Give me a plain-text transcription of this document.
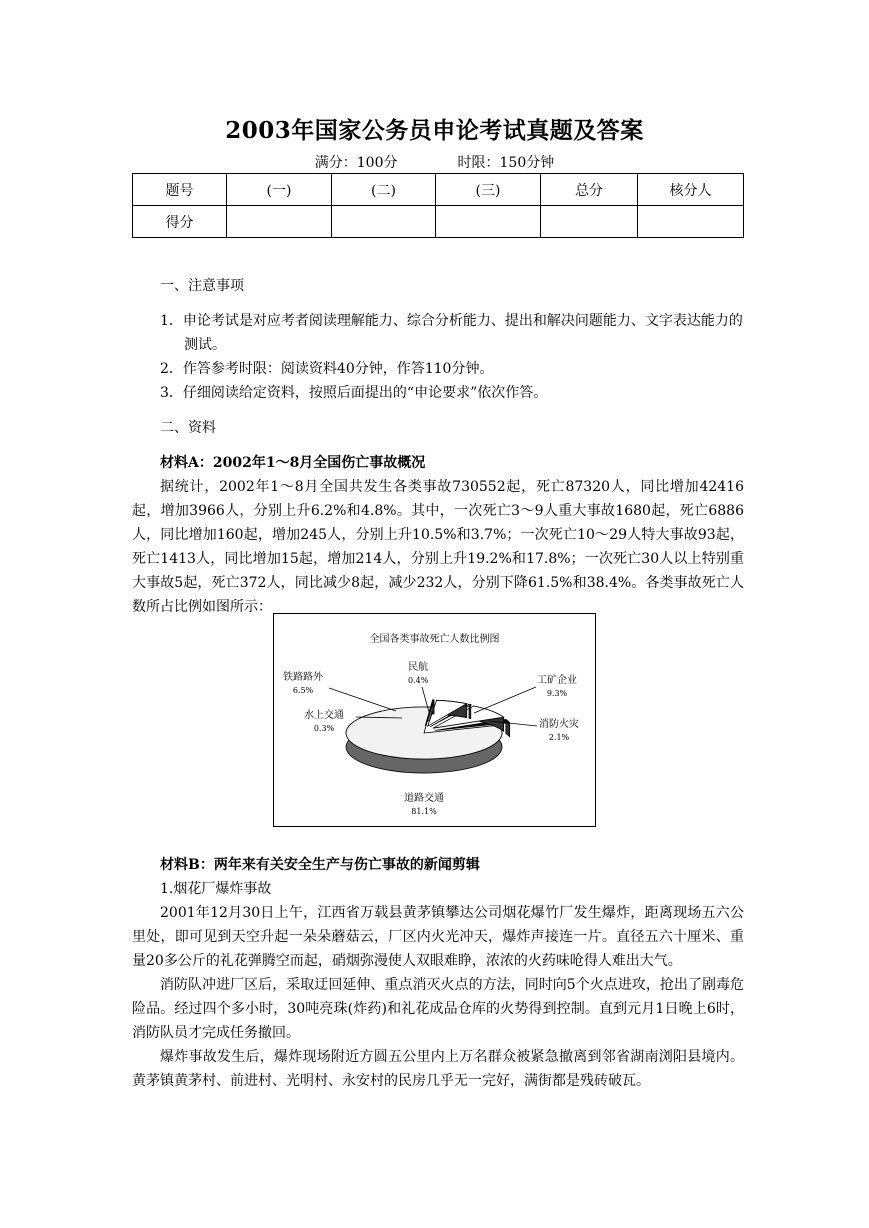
2003年国家公务员申论考试真题及答案
满分：100分	时限：150分钟
题号	(一)	(二)	(三)	总分	核分人
得分					

一、注意事项

1．申论考试是对应考者阅读理解能力、综合分析能力、提出和解决问题能力、文字表达能力的测试。

2．作答参考时限：阅读资料40分钟，作答110分钟。

3．仔细阅读给定资料，按照后面提出的“申论要求”依次作答。

二、资料

材料A：2002年1～8月全国伤亡事故概况

据统计，2002年1～8月全国共发生各类事故730552起，死亡87320人，同比增加42416起，增加3966人，分别上升6.2%和4.8%。其中，一次死亡3～9人重大事故1680起，死亡6886人，同比增加160起，增加245人，分别上升10.5%和3.7%；一次死亡10～29人特大事故93起，死亡1413人，同比增加15起，增加214人，分别上升19.2%和17.8%；一次死亡30人以上特别重大事故5起，死亡372人，同比减少8起，减少232人，分别下降61.5%和38.4%。各类事故死亡人数所占比例如图所示：

全国各类事故死亡人数比例图
民航
0.4%
铁路路外
6.5%
工矿企业
9.3%
水上交通
0.3%	消防火灾
2.1%
道路交通
81.1%

材料B：两年来有关安全生产与伤亡事故的新闻剪辑

1.烟花厂爆炸事故

2001年12月30日上午，江西省万载县黄茅镇攀达公司烟花爆竹厂发生爆炸，距离现场五六公里处，即可见到天空升起一朵朵蘑菇云，厂区内火光冲天，爆炸声接连一片。直径五六十厘米、重量20多公斤的礼花弹腾空而起，硝烟弥漫使人双眼难睁，浓浓的火药味呛得人难出大气。

消防队冲进厂区后，采取迂回延伸、重点消灭火点的方法，同时向5个火点进攻，抢出了剧毒危险品。经过四个多小时，30吨亮珠(炸药)和礼花成品仓库的火势得到控制。直到元月1日晚上6时，消防队员才完成任务撤回。

爆炸事故发生后，爆炸现场附近方圆五公里内上万名群众被紧急撤离到邻省湖南浏阳县境内。黄茅镇黄茅村、前进村、光明村、永安村的民房几乎无一完好，满街都是残砖破瓦。
